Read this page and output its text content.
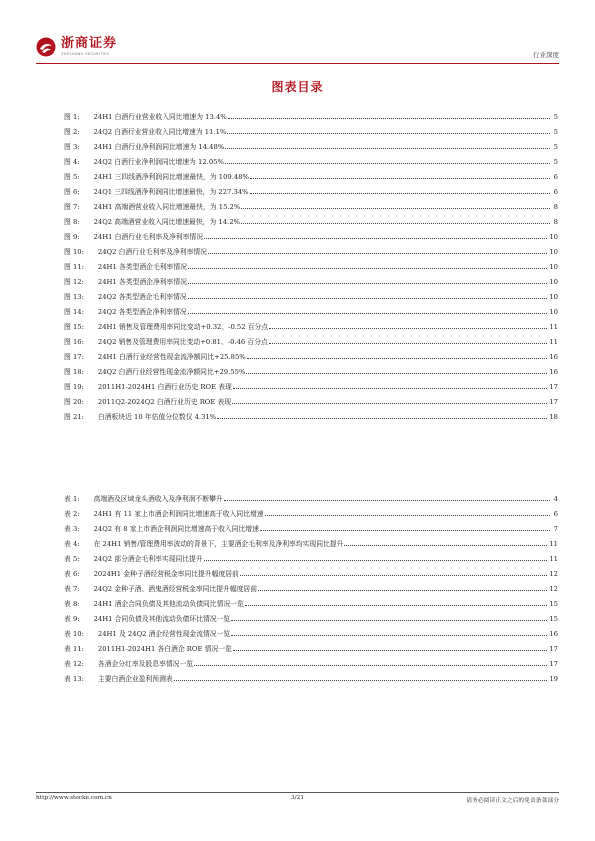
浙商证券
ZHESHANG SECURITIES	行业深度
图表目录
图 1:	24H1 白酒行业营业收入同比增速为 13.4%	5
图 2:	24Q2 白酒行业营业收入同比增速为 11.1%	5
图 3:	24H1 白酒行业净利润同比增速为 14.48%	5
图 4:	24Q2 白酒行业净利润同比增速为 12.05%	5
图 5:	24H1 三四线酒净利润同比增速最快，为 109.48%	6
图 6:	24Q1 三四线酒净利润同比增速最快，为 227.34%	6
图 7:	24H1 高端酒营业收入同比增速最快，为 15.2%	8
图 8:	24Q2 高端酒营业收入同比增速最快，为 14.2%	8
图 9:	24H1 白酒行业毛利率及净利率情况	10
图 10:	24Q2 白酒行业毛利率及净利率情况	10
图 11:	24H1 各类型酒企毛利率情况	10
图 12:	24H1 各类型酒企净利率情况	10
图 13:	24Q2 各类型酒企毛利率情况	10
图 14:	24Q2 各类型酒企净利率情况	10
图 15:	24H1 销售及管理费用率同比变动+0.32、-0.52 百分点	11
图 16:	24Q2 销售及管理费用率同比变动+0.81、-0.46 百分点	11
图 17:	24H1 白酒行业经营性现金流净额同比+25.85%	16
图 18:	24Q2 白酒行业经营性现金流净额同比+29.55%	16
图 19:	2011H1-2024H1 白酒行业历史 ROE 表现	17
图 20:	2011Q2-2024Q2 白酒行业历史 ROE 表现	17
图 21:	白酒板块近 10 年估值分位数仅 4.31%	18
表 1:	高端酒及区域龙头酒收入及净利润不断攀升	4
表 2:	24H1 有 11 家上市酒企利润同比增速高于收入同比增速	6
表 3:	24Q2 有 8 家上市酒企利润同比增速高于收入同比增速	7
表 4:	在 24H1 销售/管理费用率波动的背景下，主要酒企毛利率及净利率均实现同比提升	11
表 5:	24Q2 部分酒企毛利率实现同比提升	11
表 6:	2024H1 金种子酒经营税金率同比提升幅度居前	12
表 7:	24Q2 金种子酒、酒鬼酒经营税金率同比提升幅度居前	12
表 8:	24H1 酒企合同负债及其他流动负债同比情况一览	15
表 9:	24H1 合同负债及其他流动负债环比情况一览	15
表 10:	24H1 及 24Q2 酒企经营性现金流情况一览	16
表 11:	2011H1-2024H1 各白酒企 ROE 情况一览	17
表 12:	各酒企分红率及股息率情况一览	17
表 13:	主要白酒企业盈利预测表	19
http://www.stocke.com.cn	3/21	请务必阅读正文之后的免责条款部分
